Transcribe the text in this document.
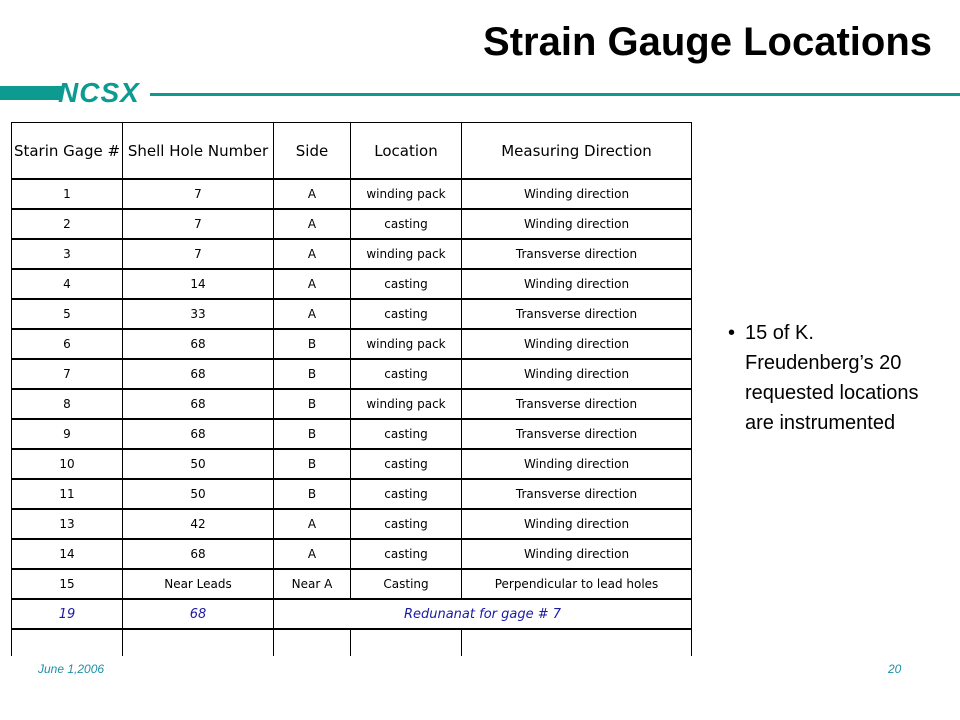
Strain Gauge Locations
NCSX
Starin Gage #	Shell Hole Number	Side	Location	Measuring Direction
1	7	A	winding pack	Winding direction
2	7	A	casting	Winding direction
3	7	A	winding pack	Transverse direction
4	14	A	casting	Winding direction
5	33	A	casting	Transverse direction
6	68	B	winding pack	Winding direction
7	68	B	casting	Winding direction
8	68	B	winding pack	Transverse direction
9	68	B	casting	Transverse direction
10	50	B	casting	Winding direction
11	50	B	casting	Transverse direction
13	42	A	casting	Winding direction
14	68	A	casting	Winding direction
15	Near Leads	Near A	Casting	Perpendicular to lead holes
19	68	Redunanat for gage # 7		

• 15 of K. Freudenberg’s 20 requested locations are instrumented
June 1,2006	20
